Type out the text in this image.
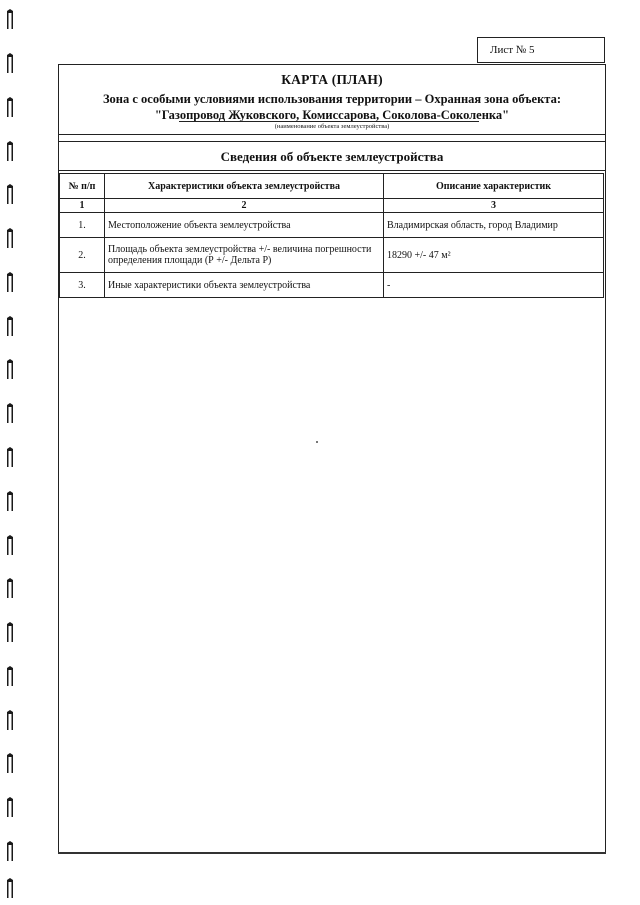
Лист № 5
КАРТА (ПЛАН)
Зона с особыми условиями использования территории – Охранная зона объекта:
"Газопровод Жуковского, Комиссарова, Соколова-Соколенка"
(наименование объекта землеустройства)
Сведения об объекте землеустройства
№ п/п	Характеристики объекта землеустройства	Описание характеристик
1	2	3
1.	Местоположение объекта землеустройства	Владимирская область, город Владимир
2.	Площадь объекта землеустройства +/- величина погрешности определения площади (Р +/- Дельта Р)	18290 +/- 47 м²
3.	Иные характеристики объекта землеустройства	-
